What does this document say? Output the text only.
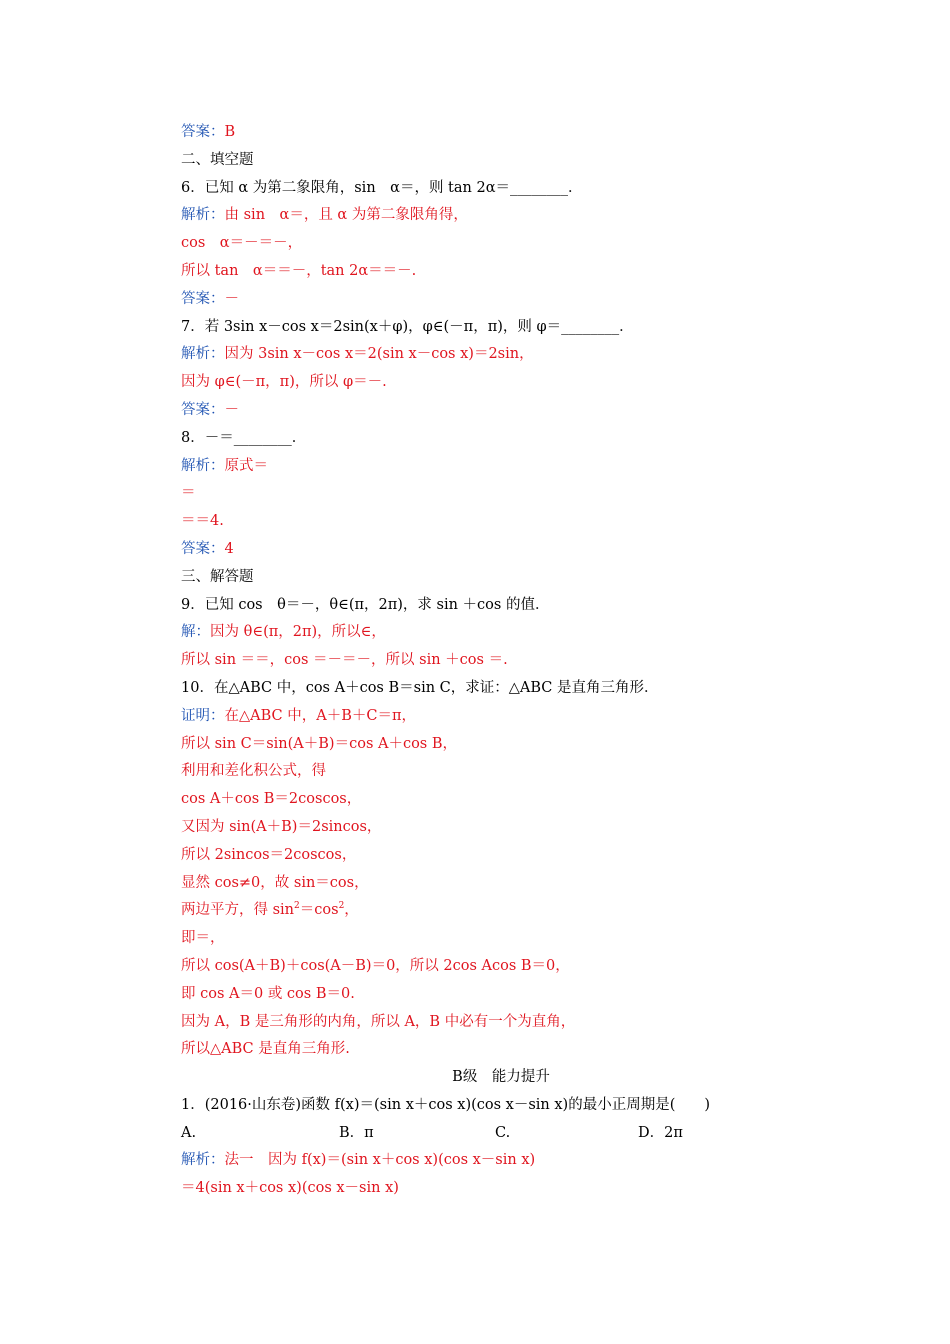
答案：B
二、填空题
6．已知 α 为第二象限角，sin　α＝，则 tan 2α＝________．
解析：由 sin　α＝，且 α 为第二象限角得，
cos　α＝－＝－，
所以 tan　α＝＝－，tan 2α＝＝－.
答案：－
7．若 3sin x－cos x＝2sin(x＋φ)，φ∈(－π，π)，则 φ＝________．
解析：因为 3sin x－cos x＝2(sin x－cos x)＝2sin，
因为 φ∈(－π，π)，所以 φ＝－.
答案：－
8．－＝________．
解析：原式＝
＝
＝＝4.
答案：4
三、解答题
9．已知 cos　θ＝－，θ∈(π，2π)，求 sin ＋cos 的值．
解：因为 θ∈(π，2π)，所以∈，
所以 sin ＝＝，cos ＝－＝－，所以 sin ＋cos ＝.
10．在△ABC 中，cos A＋cos B＝sin C，求证：△ABC 是直角三角形．
证明：在△ABC 中，A＋B＋C＝π，
所以 sin C＝sin(A＋B)＝cos A＋cos B，
利用和差化积公式，得
cos A＋cos B＝2coscos，
又因为 sin(A＋B)＝2sincos，
所以 2sincos＝2coscos，
显然 cos≠0，故 sin＝cos，
两边平方，得 $\sin^2=\cos^2$，
即＝，
所以 cos(A＋B)＋cos(A－B)＝0，所以 2cos Acos B＝0，
即 cos A＝0 或 cos B＝0.
因为 A，B 是三角形的内角，所以 A，B 中必有一个为直角，
所以△ABC 是直角三角形.
B级　能力提升
1．(2016·山东卷)函数 f(x)＝(sin x＋cos x)(cos x－sin x)的最小正周期是(　　)
A.	B．π	C.	D．2π
解析：法一　因为 f(x)＝(sin x＋cos x)(cos x－sin x)
＝4(sin x＋cos x)(cos x－sin x)
